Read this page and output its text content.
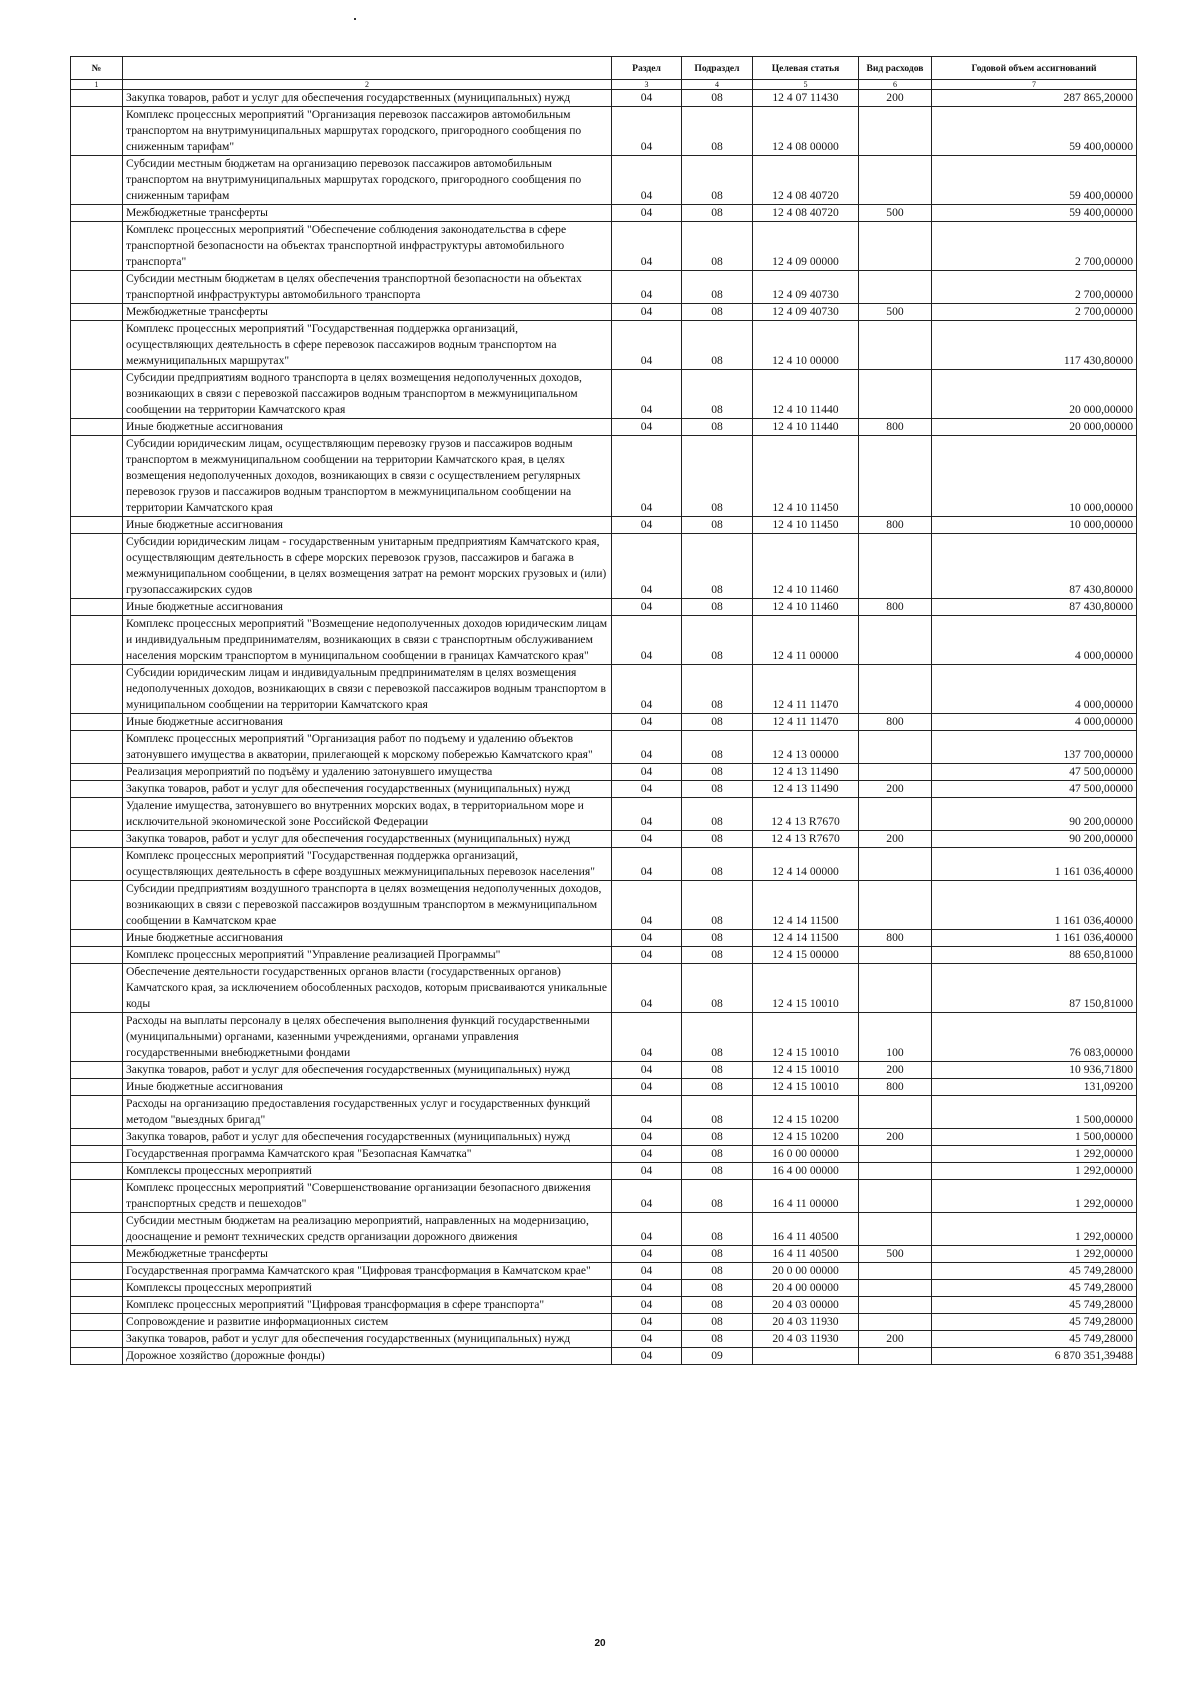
№		Раздел	Подраздел	Целевая статья	Вид расходов	Годовой объем ассигнований
1	2	3	4	5	6	7
	Закупка товаров, работ и услуг для обеспечения государственных (муниципальных) нужд	04	08	12 4 07 11430	200	287 865,20000
	Комплекс процессных мероприятий "Организация перевозок пассажиров автомобильным транспортом на внутримуниципальных маршрутах городского, пригородного сообщения по сниженным тарифам"	04	08	12 4 08 00000		59 400,00000
	Субсидии местным бюджетам на организацию перевозок пассажиров автомобильным транспортом на внутримуниципальных маршрутах городского, пригородного сообщения по сниженным тарифам	04	08	12 4 08 40720		59 400,00000
	Межбюджетные трансферты	04	08	12 4 08 40720	500	59 400,00000
	Комплекс процессных мероприятий "Обеспечение соблюдения законодательства в сфере транспортной безопасности на объектах транспортной инфраструктуры автомобильного транспорта"	04	08	12 4 09 00000		2 700,00000
	Субсидии местным бюджетам в целях обеспечения транспортной безопасности на объектах транспортной инфраструктуры автомобильного транспорта	04	08	12 4 09 40730		2 700,00000
	Межбюджетные трансферты	04	08	12 4 09 40730	500	2 700,00000
	Комплекс процессных мероприятий "Государственная поддержка организаций, осуществляющих деятельность в сфере перевозок пассажиров водным транспортом на межмуниципальных маршрутах"	04	08	12 4 10 00000		117 430,80000
	Субсидии предприятиям водного транспорта в целях возмещения недополученных доходов, возникающих в связи с перевозкой пассажиров водным транспортом в межмуниципальном сообщении на территории Камчатского края	04	08	12 4 10 11440		20 000,00000
	Иные бюджетные ассигнования	04	08	12 4 10 11440	800	20 000,00000
	Субсидии юридическим лицам, осуществляющим перевозку грузов и пассажиров водным транспортом в межмуниципальном сообщении на территории Камчатского края, в целях возмещения недополученных доходов, возникающих в связи с осуществлением регулярных перевозок грузов и пассажиров водным транспортом в межмуниципальном сообщении на территории Камчатского края	04	08	12 4 10 11450		10 000,00000
	Иные бюджетные ассигнования	04	08	12 4 10 11450	800	10 000,00000
	Субсидии юридическим лицам - государственным унитарным предприятиям Камчатского края, осуществляющим деятельность в сфере морских перевозок грузов, пассажиров и багажа в межмуниципальном сообщении, в целях возмещения затрат на ремонт морских грузовых и (или) грузопассажирских судов	04	08	12 4 10 11460		87 430,80000
	Иные бюджетные ассигнования	04	08	12 4 10 11460	800	87 430,80000
	Комплекс процессных мероприятий "Возмещение недополученных доходов юридическим лицам и индивидуальным предпринимателям, возникающих в связи с транспортным обслуживанием населения морским транспортом в муниципальном сообщении в границах Камчатского края"	04	08	12 4 11 00000		4 000,00000
	Субсидии юридическим лицам и индивидуальным предпринимателям в целях возмещения недополученных доходов, возникающих в связи с перевозкой пассажиров водным транспортом в муниципальном сообщении на территории Камчатского края	04	08	12 4 11 11470		4 000,00000
	Иные бюджетные ассигнования	04	08	12 4 11 11470	800	4 000,00000
	Комплекс процессных мероприятий "Организация работ по подъему и удалению объектов затонувшего имущества в акватории, прилегающей к морскому побережью Камчатского края"	04	08	12 4 13 00000		137 700,00000
	Реализация мероприятий по подъёму и удалению затонувшего имущества	04	08	12 4 13 11490		47 500,00000
	Закупка товаров, работ и услуг для обеспечения государственных (муниципальных) нужд	04	08	12 4 13 11490	200	47 500,00000
	Удаление имущества, затонувшего во внутренних морских водах, в территориальном море и исключительной экономической зоне Российской Федерации	04	08	12 4 13 R7670		90 200,00000
	Закупка товаров, работ и услуг для обеспечения государственных (муниципальных) нужд	04	08	12 4 13 R7670	200	90 200,00000
	Комплекс процессных мероприятий "Государственная поддержка организаций, осуществляющих деятельность в сфере воздушных межмуниципальных перевозок населения"	04	08	12 4 14 00000		1 161 036,40000
	Субсидии предприятиям воздушного транспорта в целях возмещения недополученных доходов, возникающих в связи с перевозкой пассажиров воздушным транспортом в межмуниципальном сообщении в Камчатском крае	04	08	12 4 14 11500		1 161 036,40000
	Иные бюджетные ассигнования	04	08	12 4 14 11500	800	1 161 036,40000
	Комплекс процессных мероприятий "Управление реализацией Программы"	04	08	12 4 15 00000		88 650,81000
	Обеспечение деятельности государственных органов власти (государственных органов) Камчатского края, за исключением обособленных расходов, которым присваиваются уникальные коды	04	08	12 4 15 10010		87 150,81000
	Расходы на выплаты персоналу в целях обеспечения выполнения функций государственными (муниципальными) органами, казенными учреждениями, органами управления государственными внебюджетными фондами	04	08	12 4 15 10010	100	76 083,00000
	Закупка товаров, работ и услуг для обеспечения государственных (муниципальных) нужд	04	08	12 4 15 10010	200	10 936,71800
	Иные бюджетные ассигнования	04	08	12 4 15 10010	800	131,09200
	Расходы на организацию предоставления государственных услуг и государственных функций методом "выездных бригад"	04	08	12 4 15 10200		1 500,00000
	Закупка товаров, работ и услуг для обеспечения государственных (муниципальных) нужд	04	08	12 4 15 10200	200	1 500,00000
	Государственная программа Камчатского края "Безопасная Камчатка"	04	08	16 0 00 00000		1 292,00000
	Комплексы процессных мероприятий	04	08	16 4 00 00000		1 292,00000
	Комплекс процессных мероприятий "Совершенствование организации безопасного движения транспортных средств и пешеходов"	04	08	16 4 11 00000		1 292,00000
	Субсидии местным бюджетам на реализацию мероприятий, направленных на модернизацию, дооснащение и ремонт технических средств организации дорожного движения	04	08	16 4 11 40500		1 292,00000
	Межбюджетные трансферты	04	08	16 4 11 40500	500	1 292,00000
	Государственная программа Камчатского края "Цифровая трансформация в Камчатском крае"	04	08	20 0 00 00000		45 749,28000
	Комплексы процессных мероприятий	04	08	20 4 00 00000		45 749,28000
	Комплекс процессных мероприятий "Цифровая трансформация в сфере транспорта"	04	08	20 4 03 00000		45 749,28000
	Сопровождение и развитие информационных систем	04	08	20 4 03 11930		45 749,28000
	Закупка товаров, работ и услуг для обеспечения государственных (муниципальных) нужд	04	08	20 4 03 11930	200	45 749,28000
	Дорожное хозяйство (дорожные фонды)	04	09			6 870 351,39488
20
